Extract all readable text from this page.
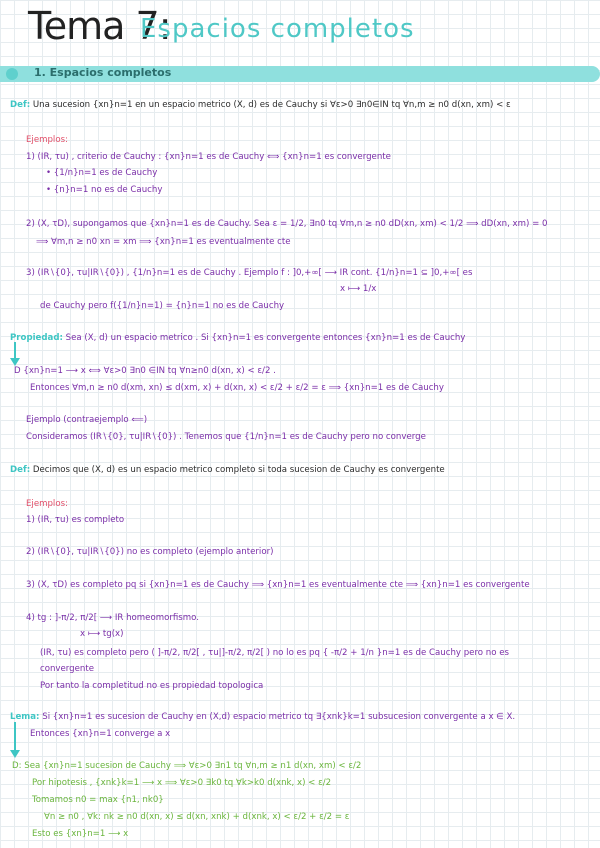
Tema 7:
Espacios completos
1. Espacios completos
Def: Una sucesion {xn}n=1 en un espacio metrico (X, d) es de Cauchy si ∀ε>0 ∃n0∈IN tq ∀n,m ≥ n0 d(xn, xm) < ε
Ejemplos:
1) (IR, τu) , criterio de Cauchy : {xn}n=1 es de Cauchy ⟺ {xn}n=1 es convergente
• {1/n}n=1 es de Cauchy
• {n}n=1 no es de Cauchy
2) (X, τD), supongamos que {xn}n=1 es de Cauchy. Sea ε = 1/2, ∃n0 tq ∀m,n ≥ n0 dD(xn, xm) < 1/2 ⟹ dD(xn, xm) = 0
⟹ ∀m,n ≥ n0 xn = xm ⟹ {xn}n=1 es eventualmente cte
3) (IR∖{0}, τu|IR∖{0}) , {1/n}n=1 es de Cauchy . Ejemplo f : ]0,+∞[ ⟶ IR cont. {1/n}n=1 ⊆ ]0,+∞[ es
x ⟼ 1/x
de Cauchy pero f({1/n}n=1) = {n}n=1 no es de Cauchy
Propiedad: Sea (X, d) un espacio metrico . Si {xn}n=1 es convergente entonces {xn}n=1 es de Cauchy
D {xn}n=1 ⟶ x ⟺ ∀ε>0 ∃n0 ∈IN tq ∀n≥n0 d(xn, x) < ε/2 .
Entonces ∀m,n ≥ n0 d(xm, xn) ≤ d(xm, x) + d(xn, x) < ε/2 + ε/2 = ε ⟹ {xn}n=1 es de Cauchy
Ejemplo (contraejemplo ⟸)
Consideramos (IR∖{0}, τu|IR∖{0}) . Tenemos que {1/n}n=1 es de Cauchy pero no converge
Def: Decimos que (X, d) es un espacio metrico completo si toda sucesion de Cauchy es convergente
Ejemplos:
1) (IR, τu) es completo
2) (IR∖{0}, τu|IR∖{0}) no es completo (ejemplo anterior)
3) (X, τD) es completo pq si {xn}n=1 es de Cauchy ⟹ {xn}n=1 es eventualmente cte ⟹ {xn}n=1 es convergente
4) tg : ]-π/2, π/2[ ⟶ IR homeomorfismo.
x ⟼ tg(x)
(IR, τu) es completo pero ( ]-π/2, π/2[ , τu|]-π/2, π/2[ ) no lo es pq { -π/2 + 1/n }n=1 es de Cauchy pero no es
convergente
Por tanto la completitud no es propiedad topologica
Lema: Si {xn}n=1 es sucesion de Cauchy en (X,d) espacio metrico tq ∃{xnk}k=1 subsucesion convergente a x ∈ X.
Entonces {xn}n=1 converge a x
D: Sea {xn}n=1 sucesion de Cauchy ⟹ ∀ε>0 ∃n1 tq ∀n,m ≥ n1 d(xn, xm) < ε/2
Por hipotesis , {xnk}k=1 ⟶ x ⟹ ∀ε>0 ∃k0 tq ∀k>k0 d(xnk, x) < ε/2
Tomamos n0 = max {n1, nk0}
∀n ≥ n0 , ∀k: nk ≥ n0 d(xn, x) ≤ d(xn, xnk) + d(xnk, x) < ε/2 + ε/2 = ε
Esto es {xn}n=1 ⟶ x
